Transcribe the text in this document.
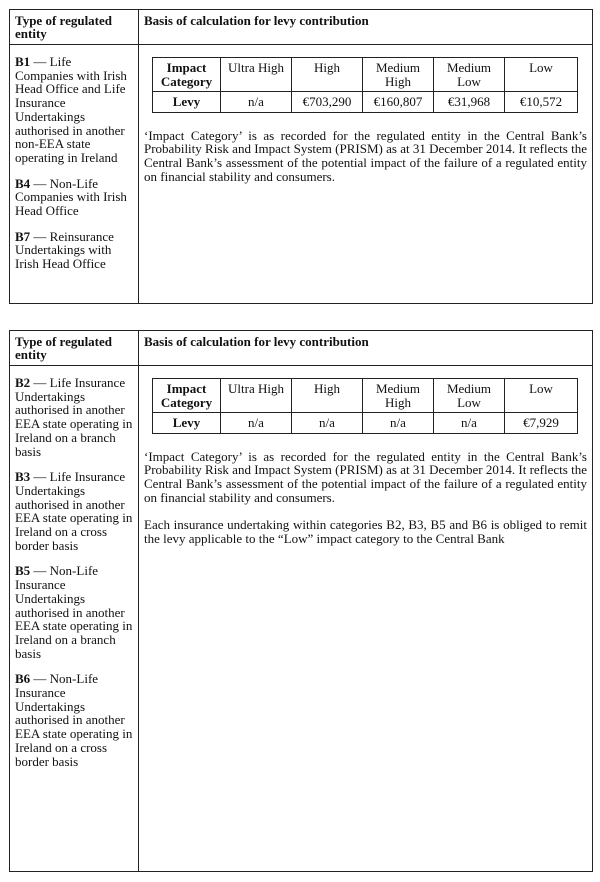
Type of regulated entity	Basis of calculation for levy contribution

B1 — Life Companies with Irish Head Office and Life Insurance Undertakings authorised in another non-EEA state operating in Ireland
B4 — Non-Life Companies with Irish Head Office
B7 — Reinsurance Undertakings with Irish Head Office

Impact Category	Ultra High	High	Medium High	Medium Low	Low
Levy	n/a	€703,290	€160,807	€31,968	€10,572

‘Impact Category’ is as recorded for the regulated entity in the Central Bank’s Probability Risk and Impact System (PRISM) as at 31 December 2014. It reflects the Central Bank’s assessment of the potential impact of the failure of a regulated entity on financial stability and consumers.

Type of regulated entity	Basis of calculation for levy contribution

B2 — Life Insurance Undertakings authorised in another EEA state operating in Ireland on a branch basis
B3 — Life Insurance Undertakings authorised in another EEA state operating in Ireland on a cross border basis
B5 — Non-Life Insurance Undertakings authorised in another EEA state operating in Ireland on a branch basis
B6 — Non-Life Insurance Undertakings authorised in another EEA state operating in Ireland on a cross border basis

Impact Category	Ultra High	High	Medium High	Medium Low	Low
Levy	n/a	n/a	n/a	n/a	€7,929

‘Impact Category’ is as recorded for the regulated entity in the Central Bank’s Probability Risk and Impact System (PRISM) as at 31 December 2014. It reflects the Central Bank’s assessment of the potential impact of the failure of a regulated entity on financial stability and consumers.

Each insurance undertaking within categories B2, B3, B5 and B6 is obliged to remit the levy applicable to the “Low” impact category to the Central Bank
